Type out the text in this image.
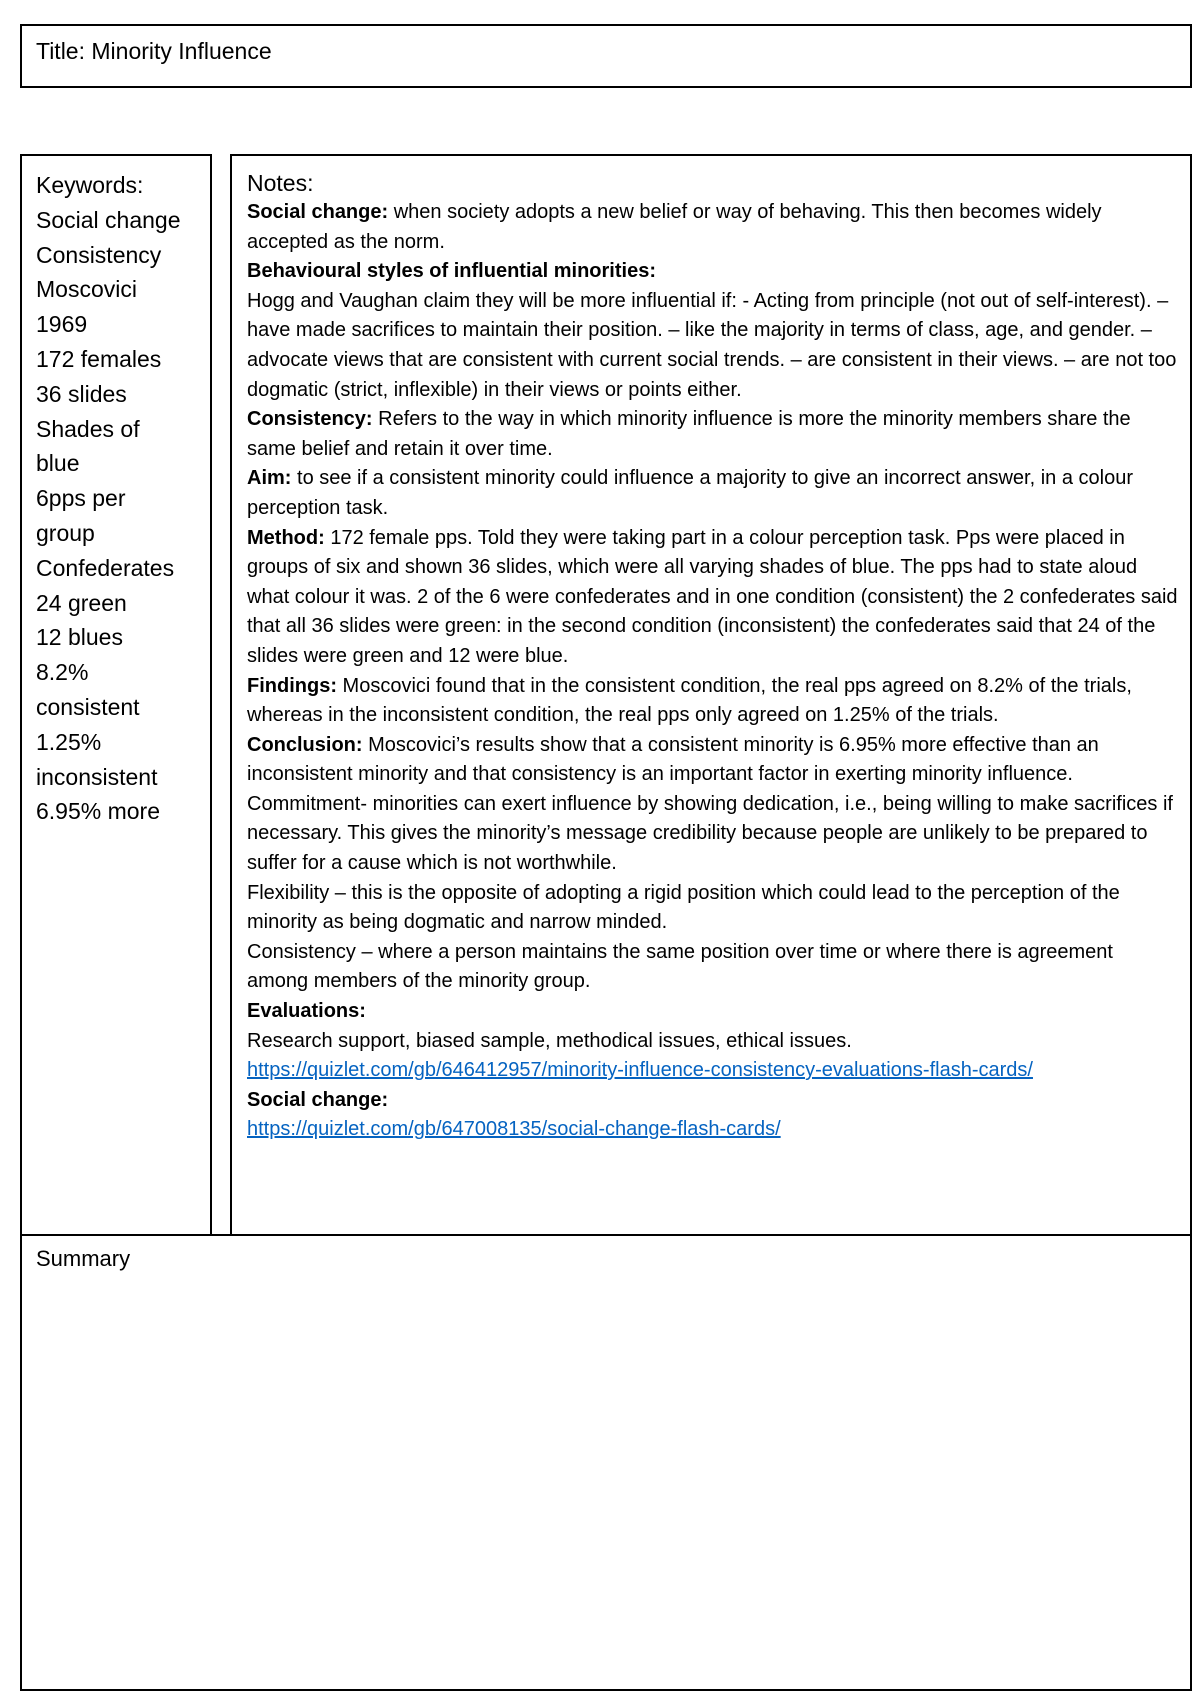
Title: Minority Influence
Keywords:
Social change
Consistency
Moscovici
1969
172 females
36 slides
Shades of
blue
6pps per
group
Confederates
24 green
12 blues
8.2%
consistent
1.25%
inconsistent
6.95% more
Notes:
Social change: when society adopts a new belief or way of behaving. This then becomes widely accepted as the norm.
Behavioural styles of influential minorities:
Hogg and Vaughan claim they will be more influential if: - Acting from principle (not out of self-interest). – have made sacrifices to maintain their position. – like the majority in terms of class, age, and gender. – advocate views that are consistent with current social trends. – are consistent in their views. – are not too dogmatic (strict, inflexible) in their views or points either.
Consistency: Refers to the way in which minority influence is more the minority members share the same belief and retain it over time.
Aim: to see if a consistent minority could influence a majority to give an incorrect answer, in a colour perception task.
Method: 172 female pps. Told they were taking part in a colour perception task. Pps were placed in groups of six and shown 36 slides, which were all varying shades of blue. The pps had to state aloud what colour it was. 2 of the 6 were confederates and in one condition (consistent) the 2 confederates said that all 36 slides were green: in the second condition (inconsistent) the confederates said that 24 of the slides were green and 12 were blue.
Findings: Moscovici found that in the consistent condition, the real pps agreed on 8.2% of the trials, whereas in the inconsistent condition, the real pps only agreed on 1.25% of the trials.
Conclusion: Moscovici’s results show that a consistent minority is 6.95% more effective than an inconsistent minority and that consistency is an important factor in exerting minority influence.
Commitment- minorities can exert influence by showing dedication, i.e., being willing to make sacrifices if necessary. This gives the minority’s message credibility because people are unlikely to be prepared to suffer for a cause which is not worthwhile.
Flexibility – this is the opposite of adopting a rigid position which could lead to the perception of the minority as being dogmatic and narrow minded.
Consistency – where a person maintains the same position over time or where there is agreement among members of the minority group.
Evaluations:
Research support, biased sample, methodical issues, ethical issues.
https://quizlet.com/gb/646412957/minority-influence-consistency-evaluations-flash-cards/
Social change:
https://quizlet.com/gb/647008135/social-change-flash-cards/
Summary
